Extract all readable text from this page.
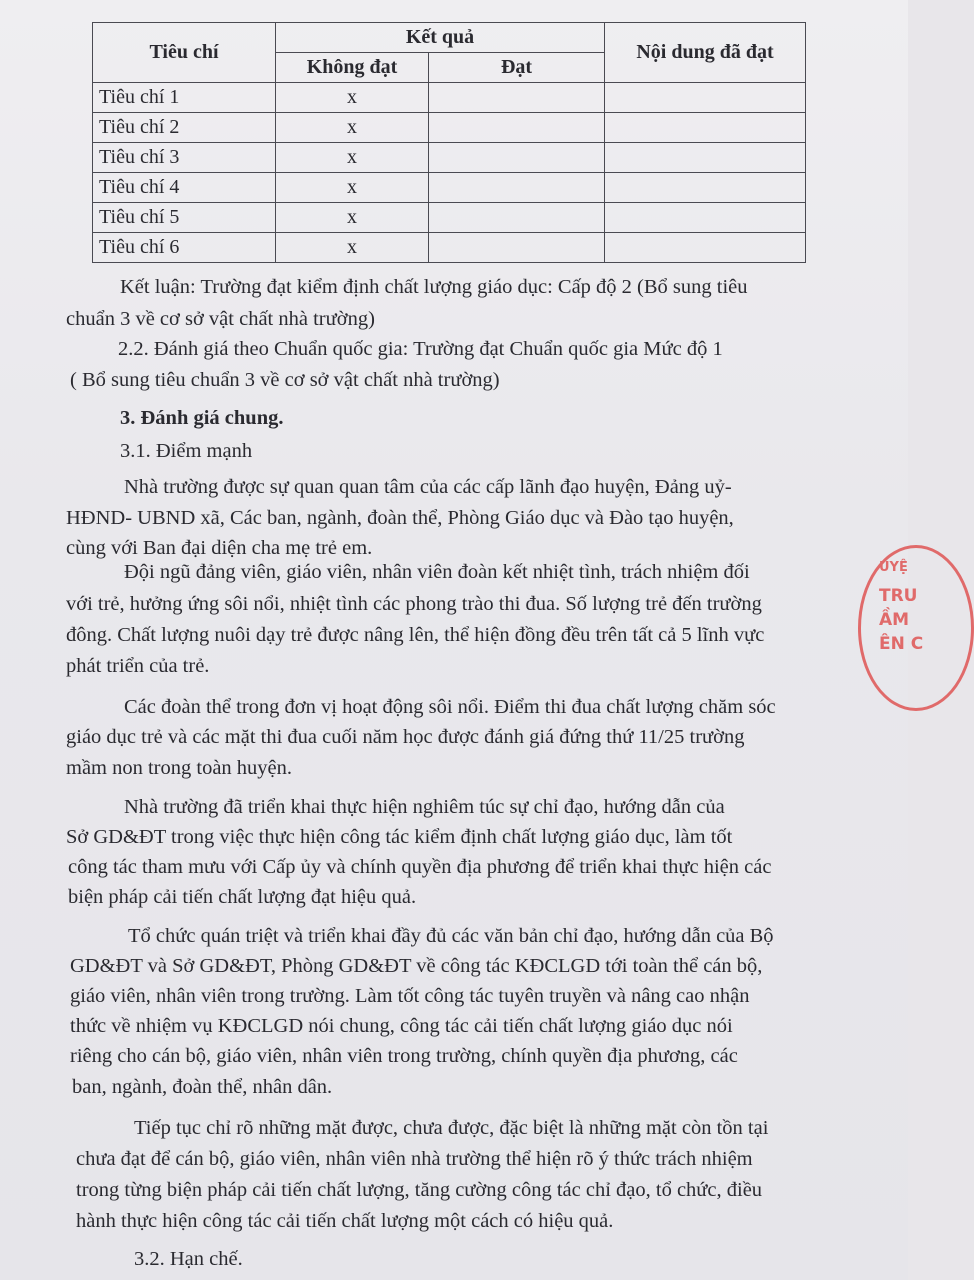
Tiêu chí	Kết quả		Nội dung đã đạt
	Không đạt	Đạt	
Tiêu chí 1	x		
Tiêu chí 2	x		
Tiêu chí 3	x		
Tiêu chí 4	x		
Tiêu chí 5	x		
Tiêu chí 6	x		
Kết luận: Trường đạt kiểm định chất lượng giáo dục: Cấp độ 2 (Bổ sung tiêu
chuẩn 3 về cơ sở vật chất nhà trường)
2.2. Đánh giá theo Chuẩn quốc gia: Trường đạt Chuẩn quốc gia Mức độ 1
( Bổ sung tiêu chuẩn 3 về cơ sở vật chất nhà trường)
3. Đánh giá chung.
3.1. Điểm mạnh
Nhà trường được sự quan quan tâm của các cấp lãnh đạo huyện, Đảng uỷ-
HĐND- UBND xã, Các ban, ngành, đoàn thể, Phòng Giáo dục và Đào tạo huyện,
cùng với Ban đại diện cha mẹ trẻ em.
Đội ngũ đảng viên, giáo viên, nhân viên đoàn kết nhiệt tình, trách nhiệm đối
với trẻ, hưởng ứng sôi nổi, nhiệt tình các phong trào thi đua. Số lượng trẻ đến trường
đông. Chất lượng nuôi dạy trẻ được nâng lên, thể hiện đồng đều trên tất cả 5 lĩnh vực
phát triển của trẻ.
Các đoàn thể trong đơn vị hoạt động sôi nổi. Điểm thi đua chất lượng chăm sóc
giáo dục trẻ và các mặt thi đua cuối năm học được đánh giá đứng thứ 11/25 trường
mầm non trong toàn huyện.
Nhà trường đã triển khai thực hiện nghiêm túc sự chỉ đạo, hướng dẫn của
Sở GD&ĐT trong việc thực hiện công tác kiểm định chất lượng giáo dục, làm tốt
công tác tham mưu với Cấp ủy và chính quyền địa phương để triển khai thực hiện các
biện pháp cải tiến chất lượng đạt hiệu quả.
Tổ chức quán triệt và triển khai đầy đủ các văn bản chỉ đạo, hướng dẫn của Bộ
GD&ĐT và Sở GD&ĐT, Phòng GD&ĐT về công tác KĐCLGD tới toàn thể cán bộ,
giáo viên, nhân viên trong trường. Làm tốt công tác tuyên truyền và nâng cao nhận
thức về nhiệm vụ KĐCLGD nói chung, công tác cải tiến chất lượng giáo dục nói
riêng cho cán bộ, giáo viên, nhân viên trong trường, chính quyền địa phương, các
ban, ngành, đoàn thể, nhân dân.
Tiếp tục chỉ rõ những mặt được, chưa được, đặc biệt là những mặt còn tồn tại
chưa đạt để cán bộ, giáo viên, nhân viên nhà trường thể hiện rõ ý thức trách nhiệm
trong từng biện pháp cải tiến chất lượng, tăng cường công tác chỉ đạo, tổ chức, điều
hành thực hiện công tác cải tiến chất lượng một cách có hiệu quả.
3.2. Hạn chế.
UYỆ
TRU
ẦM
ÊN C
